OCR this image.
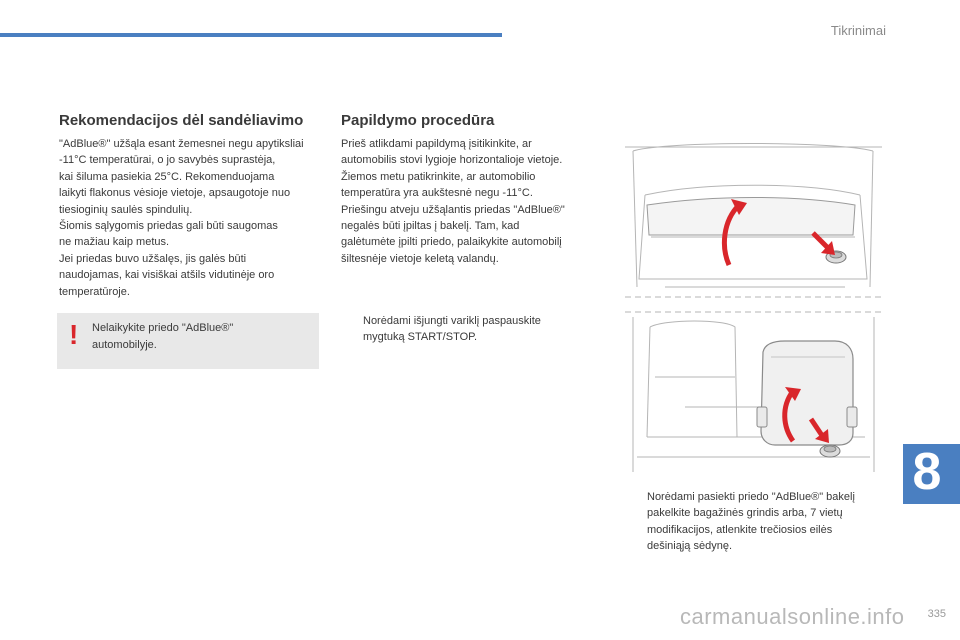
Tikrinimai
Rekomendacijos dėl sandėliavimo
"AdBlue®" užšąla esant žemesnei negu apytiksliai
-11°C temperatūrai, o jo savybės suprastėja,
kai šiluma pasiekia 25°C. Rekomenduojama
laikyti flakonus vėsioje vietoje, apsaugotoje nuo
tiesioginių saulės spindulių.
Šiomis sąlygomis priedas gali būti saugomas
ne mažiau kaip metus.
Jei priedas buvo užšalęs, jis galės būti
naudojamas, kai visiškai atšils vidutinėje oro
temperatūroje.
! Nelaikykite priedo "AdBlue®"
automobilyje.
Papildymo procedūra
Prieš atlikdami papildymą įsitikinkite, ar
automobilis stovi lygioje horizontalioje vietoje.
Žiemos metu patikrinkite, ar automobilio
temperatūra yra aukštesnė negu -11°C.
Priešingu atveju užšąlantis priedas "AdBlue®"
negalės būti įpiltas į bakelį. Tam, kad
galėtumėte įpilti priedo, palaikykite automobilį
šiltesnėje vietoje keletą valandų.
Norėdami išjungti variklį paspauskite
mygtuką START/STOP.
Norėdami pasiekti priedo "AdBlue®" bakelį
pakelkite bagažinės grindis arba, 7 vietų
modifikacijos, atlenkite trečiosios eilės
dešiniąją sėdynę.
8
carmanualsonline.info	335
